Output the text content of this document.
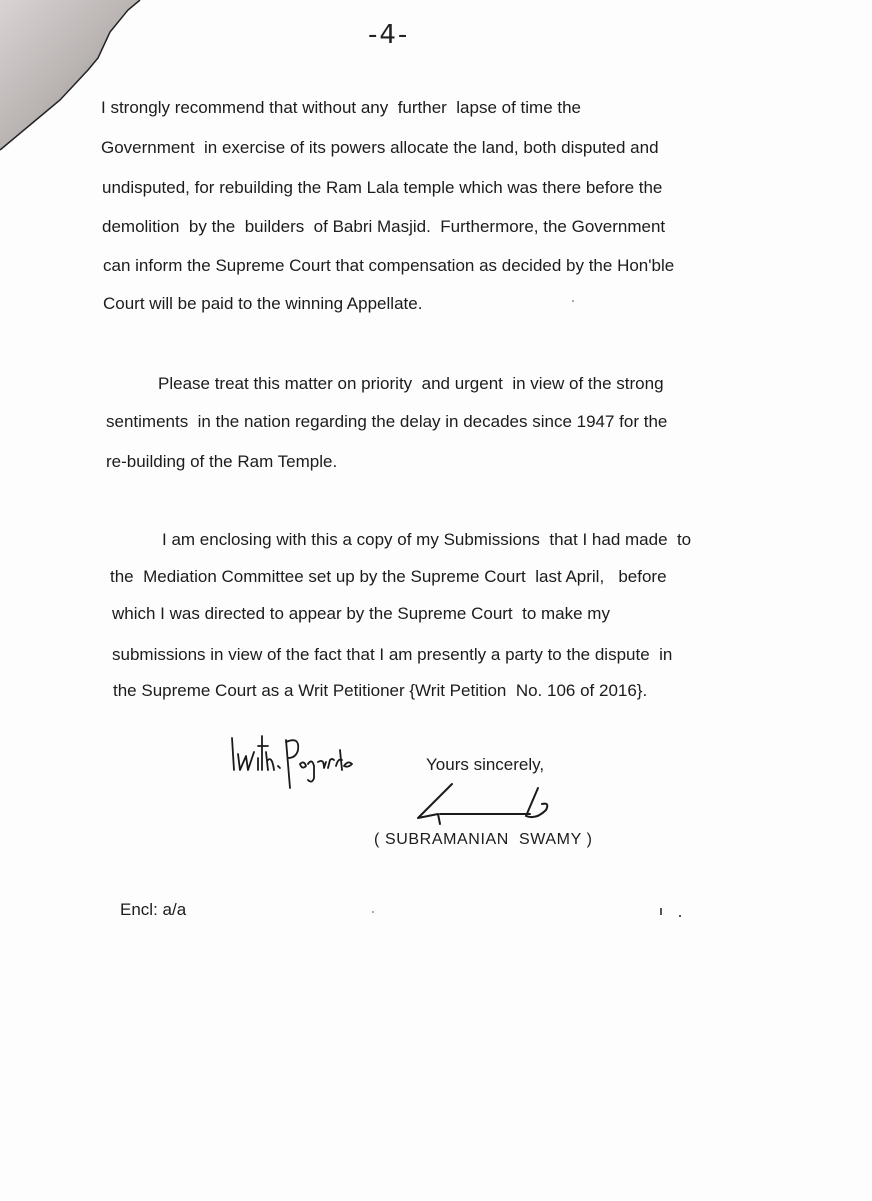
-4-
I strongly recommend that without any  further  lapse of time the
Government  in exercise of its powers allocate the land, both disputed and
undisputed, for rebuilding the Ram Lala temple which was there before the
demolition  by the  builders  of Babri Masjid.  Furthermore, the Government
can inform the Supreme Court that compensation as decided by the Hon'ble
Court will be paid to the winning Appellate.
Please treat this matter on priority  and urgent  in view of the strong
sentiments  in the nation regarding the delay in decades since 1947 for the
re-building of the Ram Temple.
I am enclosing with this a copy of my Submissions  that I had made  to
the  Mediation Committee set up by the Supreme Court  last April,   before
which I was directed to appear by the Supreme Court  to make my
submissions in view of the fact that I am presently a party to the dispute  in
the Supreme Court as a Writ Petitioner {Writ Petition  No. 106 of 2016}.
Yours sincerely,
( SUBRAMANIAN  SWAMY )
Encl: a/a
